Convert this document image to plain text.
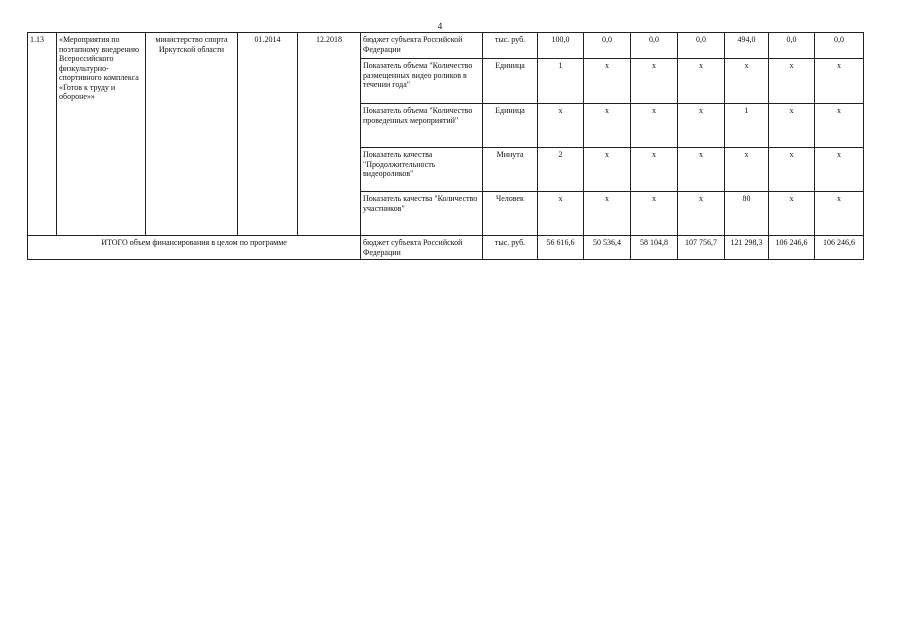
4
1.13	«Мероприятия по поэтапному внедрению Всероссийского физкультурно-спортивного комплекса «Готов к труду и обороне»»	министерство спорта Иркутской области	01.2014	12.2018	бюджет субъекта Российской Федерации	тыс. руб.	100,0	0,0	0,0	0,0	494,0	0,0	0,0
					Показатель объема "Количество размещенных видео роликов в течении года"	Единица	1	x	x	x	x	x	x
					Показатель объема "Количество проведенных мероприятий"	Единица	x	x	x	x	1	x	x
					Показатель качества "Продолжительность видеороликов"	Минута	2	x	x	x	x	x	x
					Показатель качества "Количество участников"	Человек	x	x	x	x	80	x	x
ИТОГО объем финансирования в целом по программе					бюджет субъекта Российской Федерации	тыс. руб.	56 616,6	50 536,4	58 104,8	107 756,7	121 298,3	106 246,6	106 246,6
